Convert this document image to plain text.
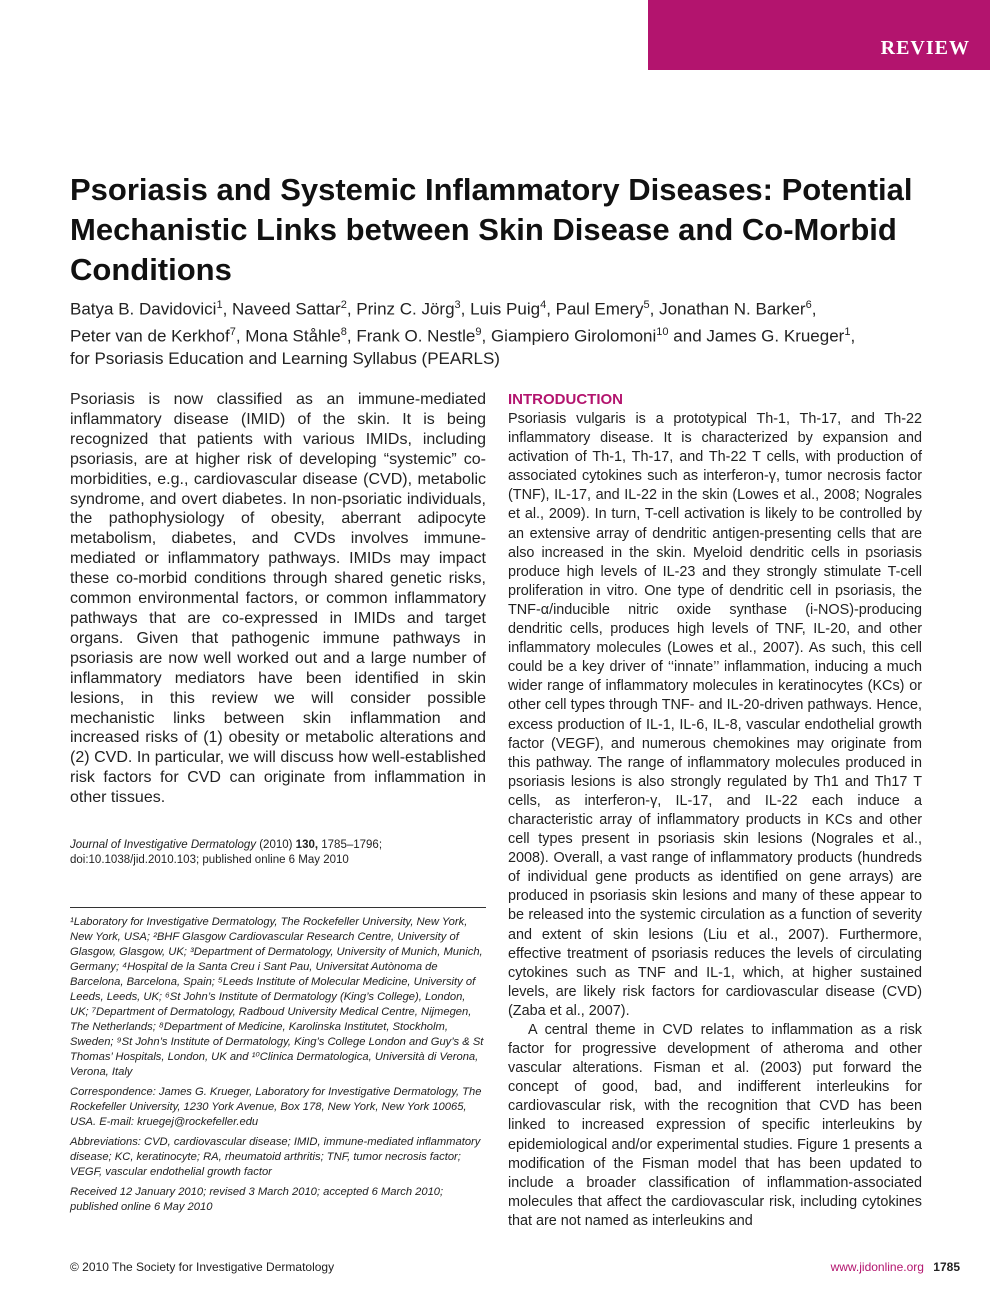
REVIEW
Psoriasis and Systemic Inflammatory Diseases: Potential Mechanistic Links between Skin Disease and Co-Morbid Conditions
Batya B. Davidovici$^1$, Naveed Sattar$^2$, Prinz C. Jörg$^3$, Luis Puig$^4$, Paul Emery$^5$, Jonathan N. Barker$^6$,
Peter van de Kerkhof$^7$, Mona Ståhle$^8$, Frank O. Nestle$^9$, Giampiero Girolomoni$^{10}$ and James G. Krueger$^1$,
for Psoriasis Education and Learning Syllabus (PEARLS)
Psoriasis is now classified as an immune-mediated inflammatory disease (IMID) of the skin. It is being recognized that patients with various IMIDs, including psoriasis, are at higher risk of developing “systemic” co-morbidities, e.g., cardiovascular disease (CVD), metabolic syndrome, and overt diabetes. In non-psoriatic individuals, the pathophysiology of obesity, aberrant adipocyte metabolism, diabetes, and CVDs involves immune-mediated or inflammatory pathways. IMIDs may impact these co-morbid conditions through shared genetic risks, common environmental factors, or common inflammatory pathways that are co-expressed in IMIDs and target organs. Given that pathogenic immune pathways in psoriasis are now well worked out and a large number of inflammatory mediators have been identified in skin lesions, in this review we will consider possible mechanistic links between skin inflammation and increased risks of (1) obesity or metabolic alterations and (2) CVD. In particular, we will discuss how well-established risk factors for CVD can originate from inflammation in other tissues.
Journal of Investigative Dermatology (2010) 130, 1785–1796;
doi:10.1038/jid.2010.103; published online 6 May 2010

¹Laboratory for Investigative Dermatology, The Rockefeller University, New York, New York, USA; ²BHF Glasgow Cardiovascular Research Centre, University of Glasgow, Glasgow, UK; ³Department of Dermatology, University of Munich, Munich, Germany; ⁴Hospital de la Santa Creu i Sant Pau, Universitat Autònoma de Barcelona, Barcelona, Spain; ⁵Leeds Institute of Molecular Medicine, University of Leeds, Leeds, UK; ⁶St John’s Institute of Dermatology (King’s College), London, UK; ⁷Department of Dermatology, Radboud University Medical Centre, Nijmegen, The Netherlands; ⁸Department of Medicine, Karolinska Institutet, Stockholm, Sweden; ⁹St John’s Institute of Dermatology, King’s College London and Guy’s & St Thomas’ Hospitals, London, UK and ¹⁰Clinica Dermatologica, Università di Verona, Verona, Italy

Correspondence: James G. Krueger, Laboratory for Investigative Dermatology, The Rockefeller University, 1230 York Avenue, Box 178, New York, New York 10065, USA. E-mail: kruegej@rockefeller.edu

Abbreviations: CVD, cardiovascular disease; IMID, immune-mediated inflammatory disease; KC, keratinocyte; RA, rheumatoid arthritis; TNF, tumor necrosis factor; VEGF, vascular endothelial growth factor

Received 12 January 2010; revised 3 March 2010; accepted 6 March 2010; published online 6 May 2010

INTRODUCTION

Psoriasis vulgaris is a prototypical Th-1, Th-17, and Th-22 inflammatory disease. It is characterized by expansion and activation of Th-1, Th-17, and Th-22 T cells, with production of associated cytokines such as interferon-γ, tumor necrosis factor (TNF), IL-17, and IL-22 in the skin (Lowes et al., 2008; Nograles et al., 2009). In turn, T-cell activation is likely to be controlled by an extensive array of dendritic antigen-presenting cells that are also increased in the skin. Myeloid dendritic cells in psoriasis produce high levels of IL-23 and they strongly stimulate T-cell proliferation in vitro. One type of dendritic cell in psoriasis, the TNF-α/inducible nitric oxide synthase (i-NOS)-producing dendritic cells, produces high levels of TNF, IL-20, and other inflammatory molecules (Lowes et al., 2007). As such, this cell could be a key driver of ‘‘innate’’ inflammation, inducing a much wider range of inflammatory molecules in keratinocytes (KCs) or other cell types through TNF- and IL-20-driven pathways. Hence, excess production of IL-1, IL-6, IL-8, vascular endothelial growth factor (VEGF), and numerous chemokines may originate from this pathway. The range of inflammatory molecules produced in psoriasis lesions is also strongly regulated by Th1 and Th17 T cells, as interferon-γ, IL-17, and IL-22 each induce a characteristic array of inflammatory products in KCs and other cell types present in psoriasis skin lesions (Nograles et al., 2008). Overall, a vast range of inflammatory products (hundreds of individual gene products as identified on gene arrays) are produced in psoriasis skin lesions and many of these appear to be released into the systemic circulation as a function of severity and extent of skin lesions (Liu et al., 2007). Furthermore, effective treatment of psoriasis reduces the levels of circulating cytokines such as TNF and IL-1, which, at higher sustained levels, are likely risk factors for cardiovascular disease (CVD) (Zaba et al., 2007).

A central theme in CVD relates to inflammation as a risk factor for progressive development of atheroma and other vascular alterations. Fisman et al. (2003) put forward the concept of good, bad, and indifferent interleukins for cardiovascular risk, with the recognition that CVD has been linked to increased expression of specific interleukins by epidemiological and/or experimental studies. Figure 1 presents a modification of the Fisman model that has been updated to include a broader classification of inflammation-associated molecules that affect the cardiovascular risk, including cytokines that are not named as interleukins and

© 2010 The Society for Investigative Dermatology	www.jidonline.org 1785
